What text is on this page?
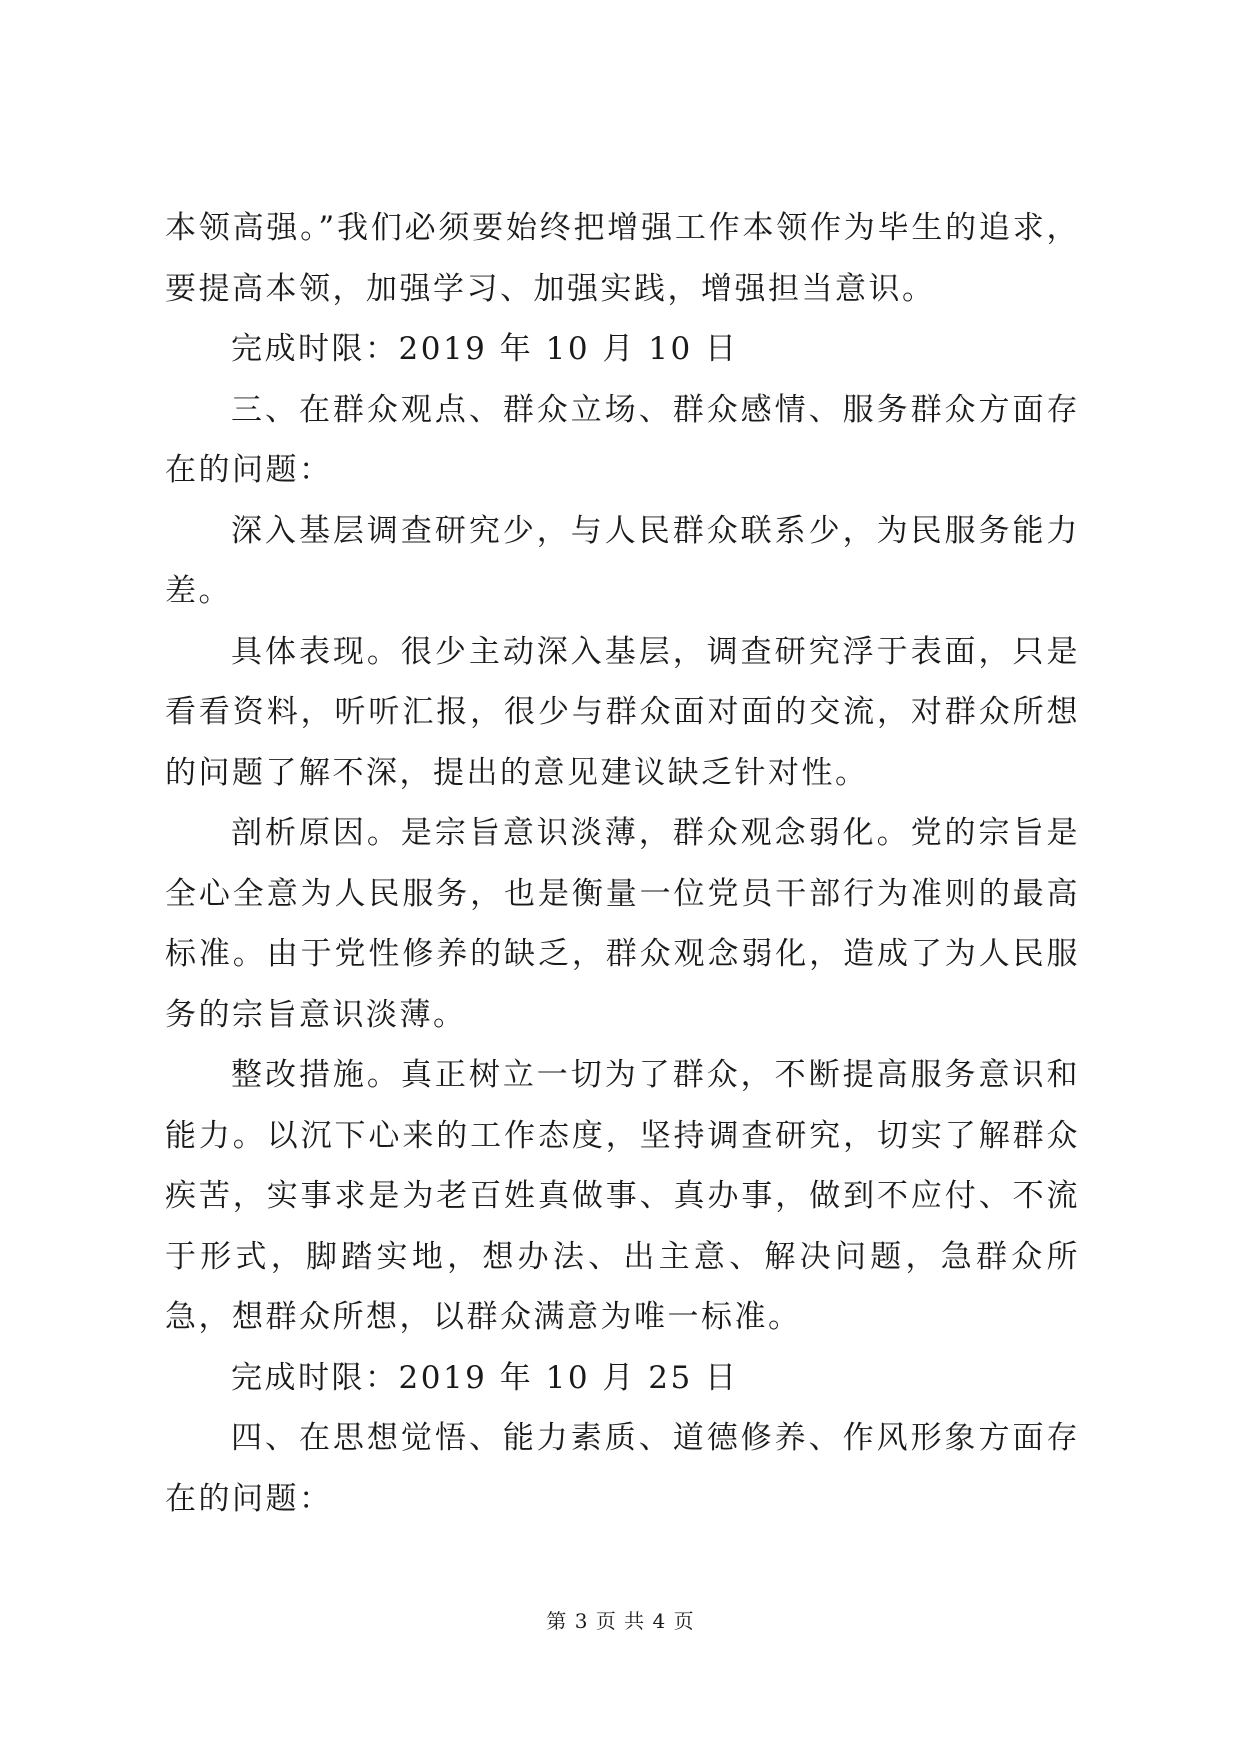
本领高强。”我们必须要始终把增强工作本领作为毕生的追求，要提高本领，加强学习、加强实践，增强担当意识。

完成时限：2019 年 10 月 10 日

三、在群众观点、群众立场、群众感情、服务群众方面存在的问题：

深入基层调查研究少，与人民群众联系少，为民服务能力差。

具体表现。很少主动深入基层，调查研究浮于表面，只是看看资料，听听汇报，很少与群众面对面的交流，对群众所想的问题了解不深，提出的意见建议缺乏针对性。

剖析原因。是宗旨意识淡薄，群众观念弱化。党的宗旨是全心全意为人民服务，也是衡量一位党员干部行为准则的最高标准。由于党性修养的缺乏，群众观念弱化，造成了为人民服务的宗旨意识淡薄。

整改措施。真正树立一切为了群众，不断提高服务意识和能力。以沉下心来的工作态度，坚持调查研究，切实了解群众疾苦，实事求是为老百姓真做事、真办事，做到不应付、不流于形式，脚踏实地，想办法、出主意、解决问题，急群众所急，想群众所想，以群众满意为唯一标准。

完成时限：2019 年 10 月 25 日

四、在思想觉悟、能力素质、道德修养、作风形象方面存在的问题：

第 3 页 共 4 页
